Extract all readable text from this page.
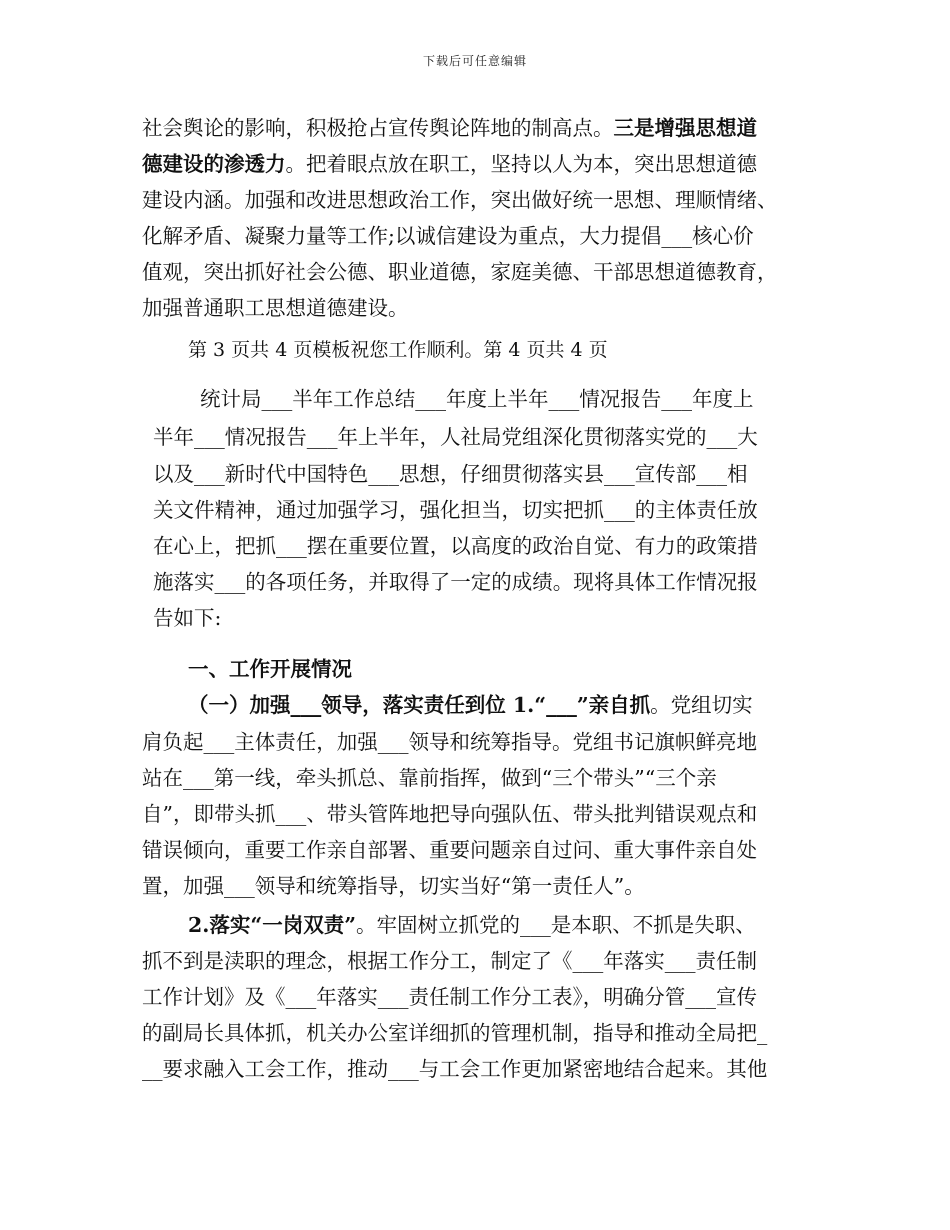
下载后可任意编辑
社会舆论的影响，积极抢占宣传舆论阵地的制高点。三是增强思想道
德建设的渗透力。把着眼点放在职工，坚持以人为本，突出思想道德
建设内涵。加强和改进思想政治工作，突出做好统一思想、理顺情绪、
化解矛盾、凝聚力量等工作;以诚信建设为重点，大力提倡___核心价
值观，突出抓好社会公德、职业道德，家庭美德、干部思想道德教育，
加强普通职工思想道德建设。
第 3 页共 4 页模板祝您工作顺利。第 4 页共 4 页
统计局___半年工作总结___年度上半年___情况报告___年度上
半年___情况报告___年上半年，人社局党组深化贯彻落实党的___大
以及___新时代中国特色___思想，仔细贯彻落实县___宣传部___相
关文件精神，通过加强学习，强化担当，切实把抓___的主体责任放
在心上，把抓___摆在重要位置，以高度的政治自觉、有力的政策措
施落实___的各项任务，并取得了一定的成绩。现将具体工作情况报
告如下:
一、工作开展情况
（一）加强___领导，落实责任到位 1.“___”亲自抓。党组切实
肩负起___主体责任，加强___领导和统筹指导。党组书记旗帜鲜亮地
站在___第一线，牵头抓总、靠前指挥，做到“三个带头”“三个亲
自”，即带头抓___、带头管阵地把导向强队伍、带头批判错误观点和
错误倾向，重要工作亲自部署、重要问题亲自过问、重大事件亲自处
置，加强___领导和统筹指导，切实当好“第一责任人”。
2.落实“一岗双责”。牢固树立抓党的___是本职、不抓是失职、
抓不到是渎职的理念，根据工作分工，制定了《___年落实___责任制
工作计划》及《___年落实___责任制工作分工表》，明确分管___宣传
的副局长具体抓，机关办公室详细抓的管理机制，指导和推动全局把_
__要求融入工会工作，推动___与工会工作更加紧密地结合起来。其他
